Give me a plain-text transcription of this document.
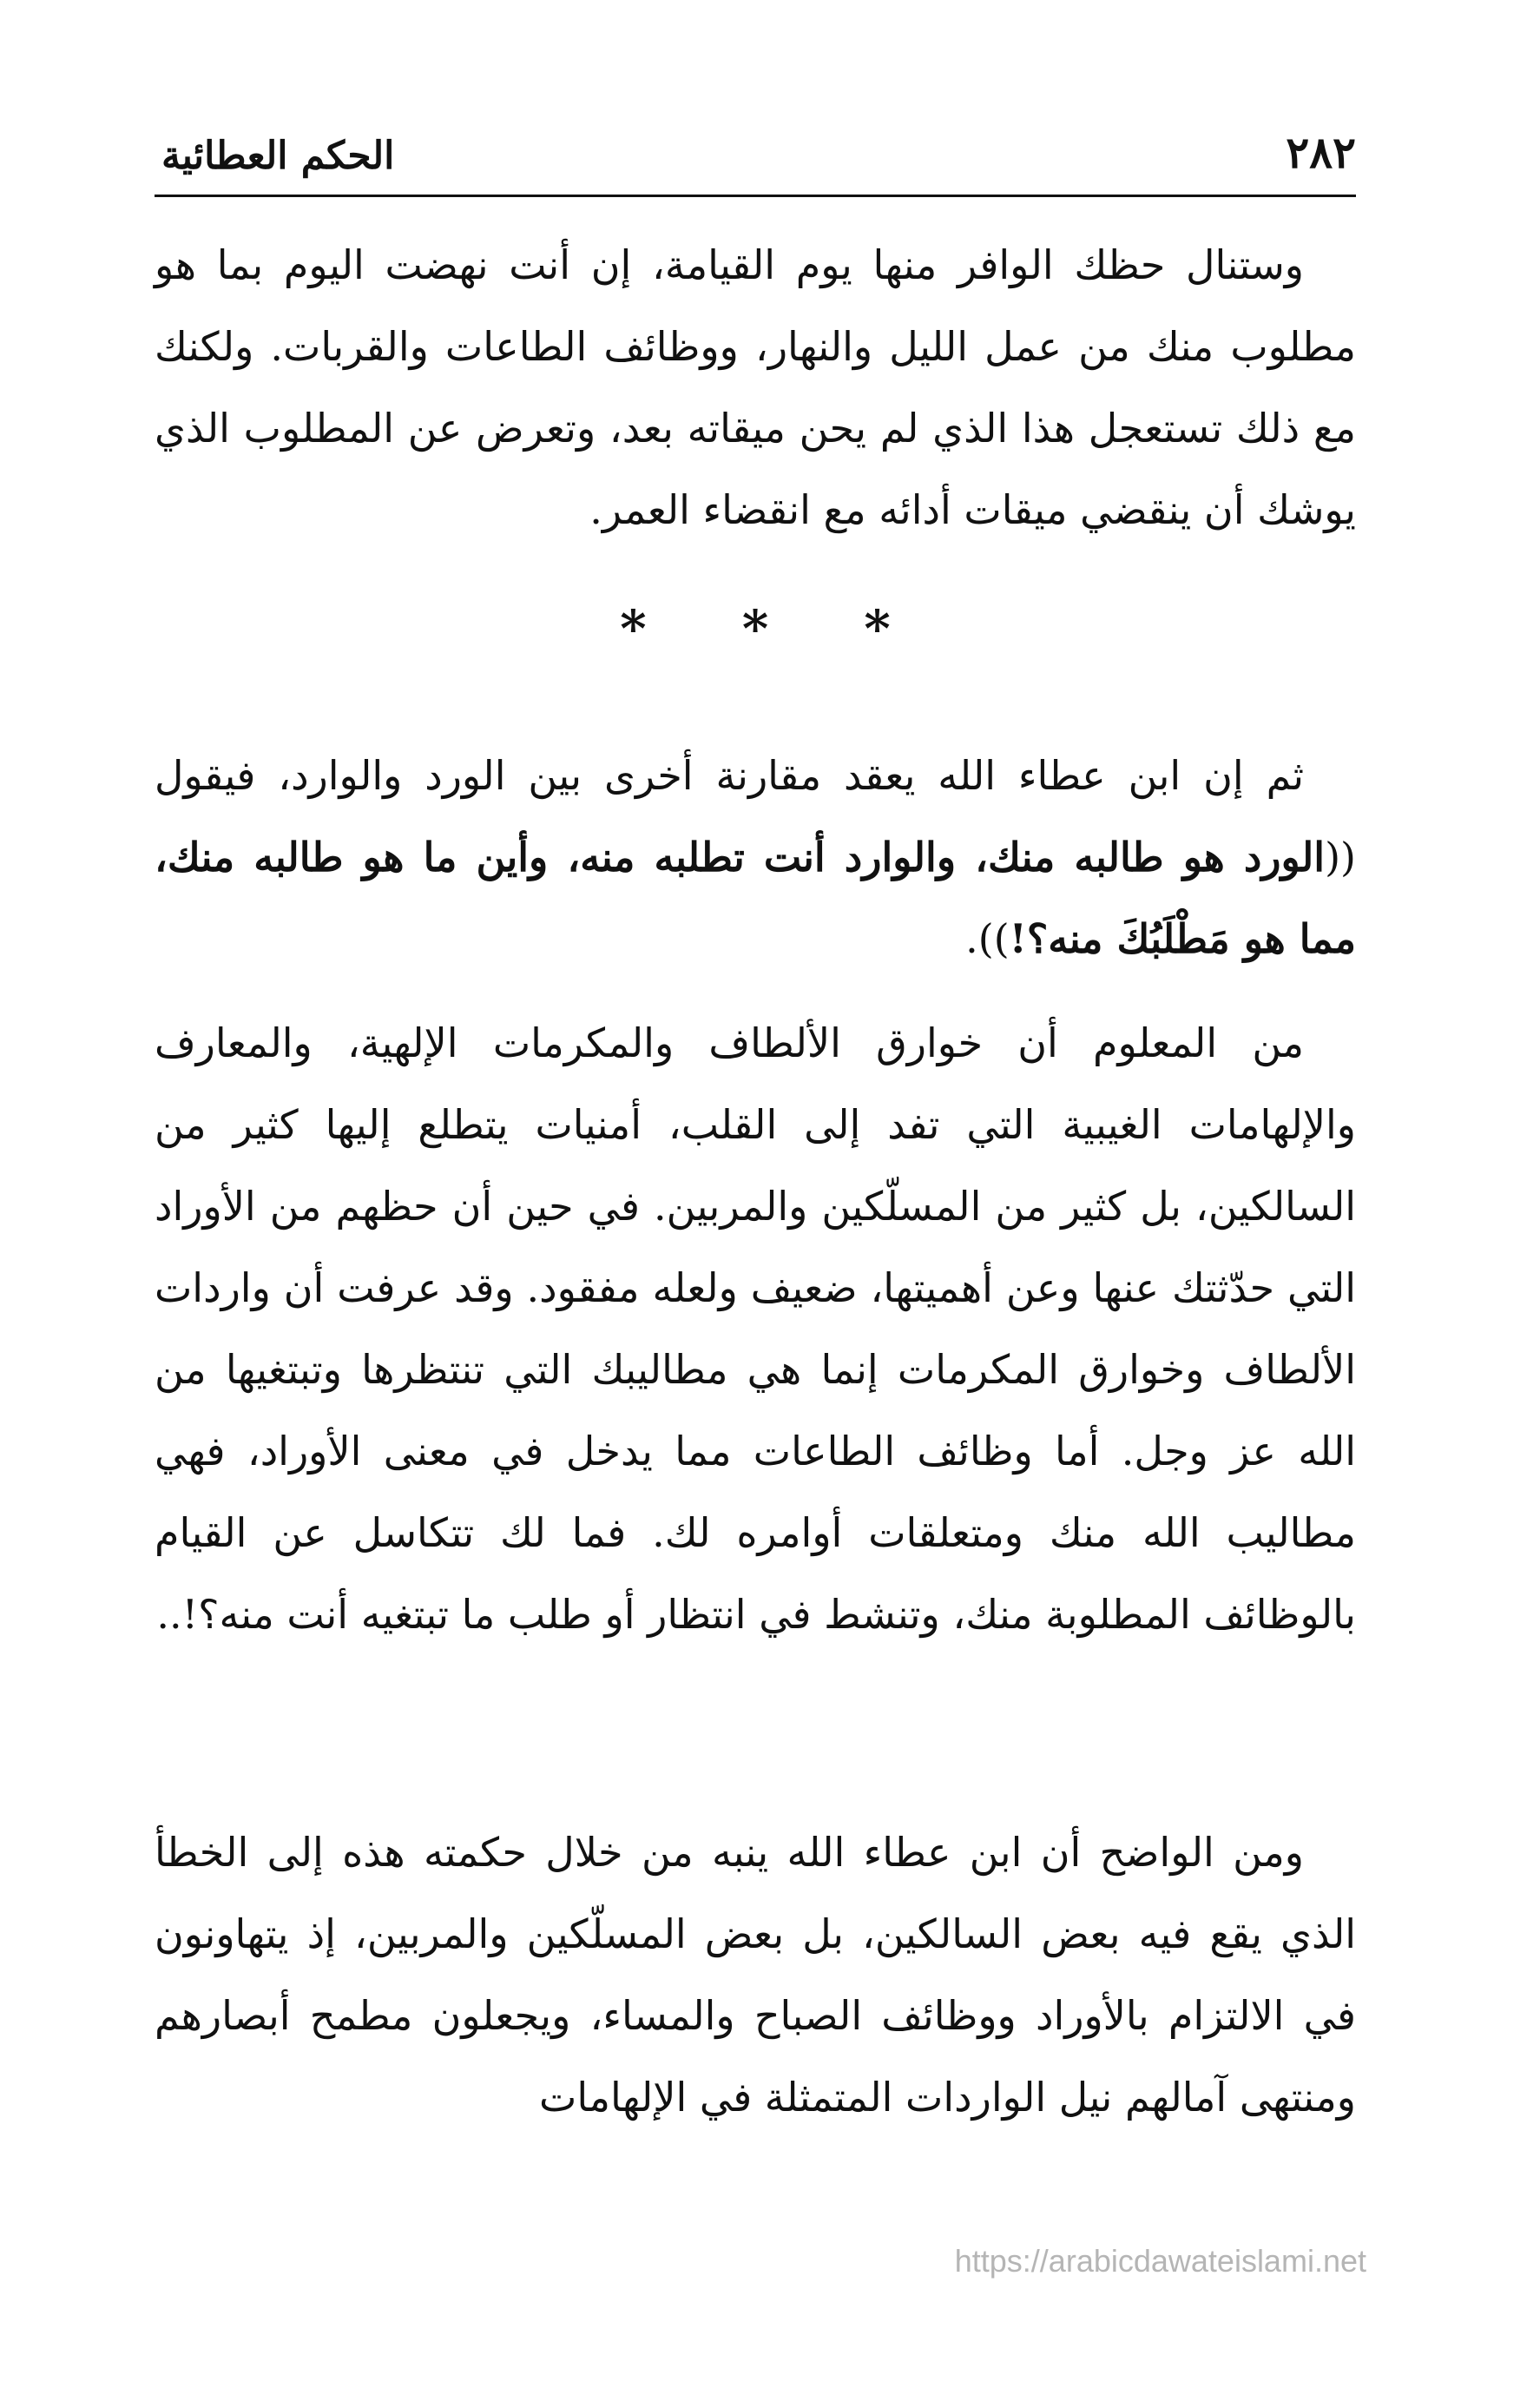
٢٨٢
الحكم العطائية

وستنال حظك الوافر منها يوم القيامة، إن أنت نهضت اليوم بما هو مطلوب منك من عمل الليل والنهار، ووظائف الطاعات والقربات. ولكنك مع ذلك تستعجل هذا الذي لم يحن ميقاته بعد، وتعرض عن المطلوب الذي يوشك أن ينقضي ميقات أدائه مع انقضاء العمر.

* * *

ثم إن ابن عطاء الله يعقد مقارنة أخرى بين الورد والوارد، فيقول ((الورد هو طالبه منك، والوارد أنت تطلبه منه، وأين ما هو طالبه منك، مما هو مَطْلَبُكَ منه؟!)).

من المعلوم أن خوارق الألطاف والمكرمات الإلهية، والمعارف والإلهامات الغيبية التي تفد إلى القلب، أمنيات يتطلع إليها كثير من السالكين، بل كثير من المسلّكين والمربين. في حين أن حظهم من الأوراد التي حدّثتك عنها وعن أهميتها، ضعيف ولعله مفقود. وقد عرفت أن واردات الألطاف وخوارق المكرمات إنما هي مطاليبك التي تنتظرها وتبتغيها من الله عز وجل. أما وظائف الطاعات مما يدخل في معنى الأوراد، فهي مطاليب الله منك ومتعلقات أوامره لك. فما لك تتكاسل عن القيام بالوظائف المطلوبة منك، وتنشط في انتظار أو طلب ما تبتغيه أنت منه؟!..

ومن الواضح أن ابن عطاء الله ينبه من خلال حكمته هذه إلى الخطأ الذي يقع فيه بعض السالكين، بل بعض المسلّكين والمربين، إذ يتهاونون في الالتزام بالأوراد ووظائف الصباح والمساء، ويجعلون مطمح أبصارهم ومنتهى آمالهم نيل الواردات المتمثلة في الإلهامات

https://arabicdawateislami.net
